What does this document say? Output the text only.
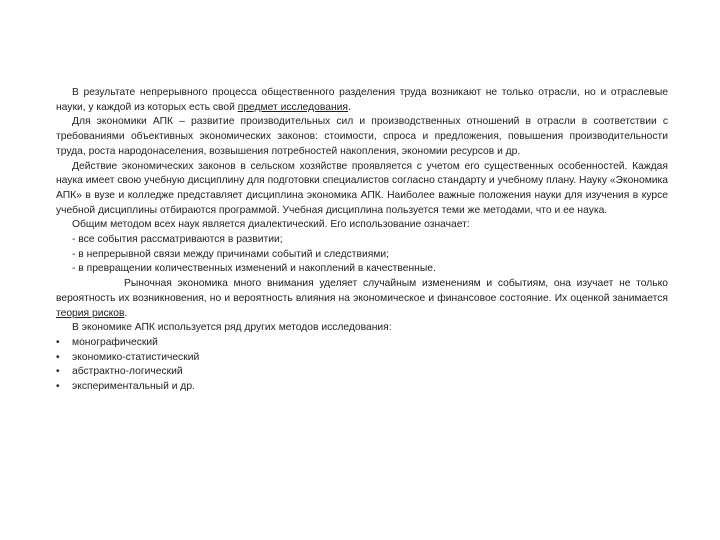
В результате непрерывного процесса общественного разделения труда возникают не только отрасли, но и отраслевые науки, у каждой из которых есть свой предмет исследования.

Для экономики АПК – развитие производительных сил и производственных отношений в отрасли в соответствии с требованиями объективных экономических законов: стоимости, спроса и предложения, повышения производительности труда, роста народонаселения, возвышения потребностей накопления, экономии ресурсов и др.

Действие экономических законов в сельском хозяйстве проявляется с учетом его существенных особенностей. Каждая наука имеет свою учебную дисциплину для подготовки специалистов согласно стандарту и учебному плану. Науку «Экономика АПК» в вузе и колледже представляет дисциплина экономика АПК. Наиболее важные положения науки для изучения в курсе учебной дисциплины отбираются программой. Учебная дисциплина пользуется теми же методами, что и ее наука.

Общим методом всех наук является диалектический. Его использование означает:

- все события рассматриваются в развитии;

- в непрерывной связи между причинами событий и следствиями;

- в превращении количественных изменений и накоплений в качественные.

Рыночная экономика много внимания уделяет случайным изменениям и событиям, она изучает не только вероятность их возникновения, но и вероятность влияния на экономическое и финансовое состояние. Их оценкой занимается теория рисков.

В экономике АПК используется ряд других методов исследования:

• монографический
• экономико-статистический
• абстрактно-логический
• экспериментальный и др.
